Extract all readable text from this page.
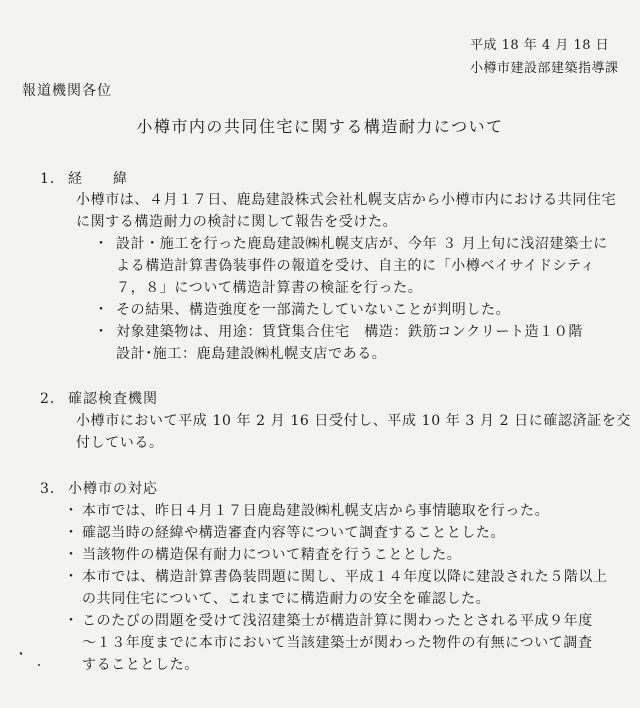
平成 18 年 4 月 18 日
小樽市建設部建築指導課
報道機関各位
小樽市内の共同住宅に関する構造耐力について
1． 経　　緯
小樽市は、４月１７日、鹿島建設株式会社札幌支店から小樽市内における共同住宅
に関する構造耐力の検討に関して報告を受けた。
・ 設計・施工を行った鹿島建設㈱札幌支店が、今年 ３ 月上旬に浅沼建築士に
よる構造計算書偽装事件の報道を受け、自主的に「小樽ベイサイドシティ
７，８」について構造計算書の検証を行った。
・ その結果、構造強度を一部満たしていないことが判明した。
・ 対象建築物は、用途：賃貸集合住宅　構造：鉄筋コンクリート造１０階
設計･施工：鹿島建設㈱札幌支店である。
2． 確認検査機関
小樽市において平成 10 年 2 月 16 日受付し、平成 10 年 3 月 2 日に確認済証を交
付している。
3． 小樽市の対応
・ 本市では、昨日４月１７日鹿島建設㈱札幌支店から事情聴取を行った。
・ 確認当時の経緯や構造審査内容等について調査することとした。
・ 当該物件の構造保有耐力について精査を行うこととした。
・ 本市では、構造計算書偽装問題に関し、平成１４年度以降に建設された５階以上
の共同住宅について、これまでに構造耐力の安全を確認した。
・ このたびの問題を受けて浅沼建築士が構造計算に関わったとされる平成９年度
～１３年度までに本市において当該建築士が関わった物件の有無について調査
することとした。
